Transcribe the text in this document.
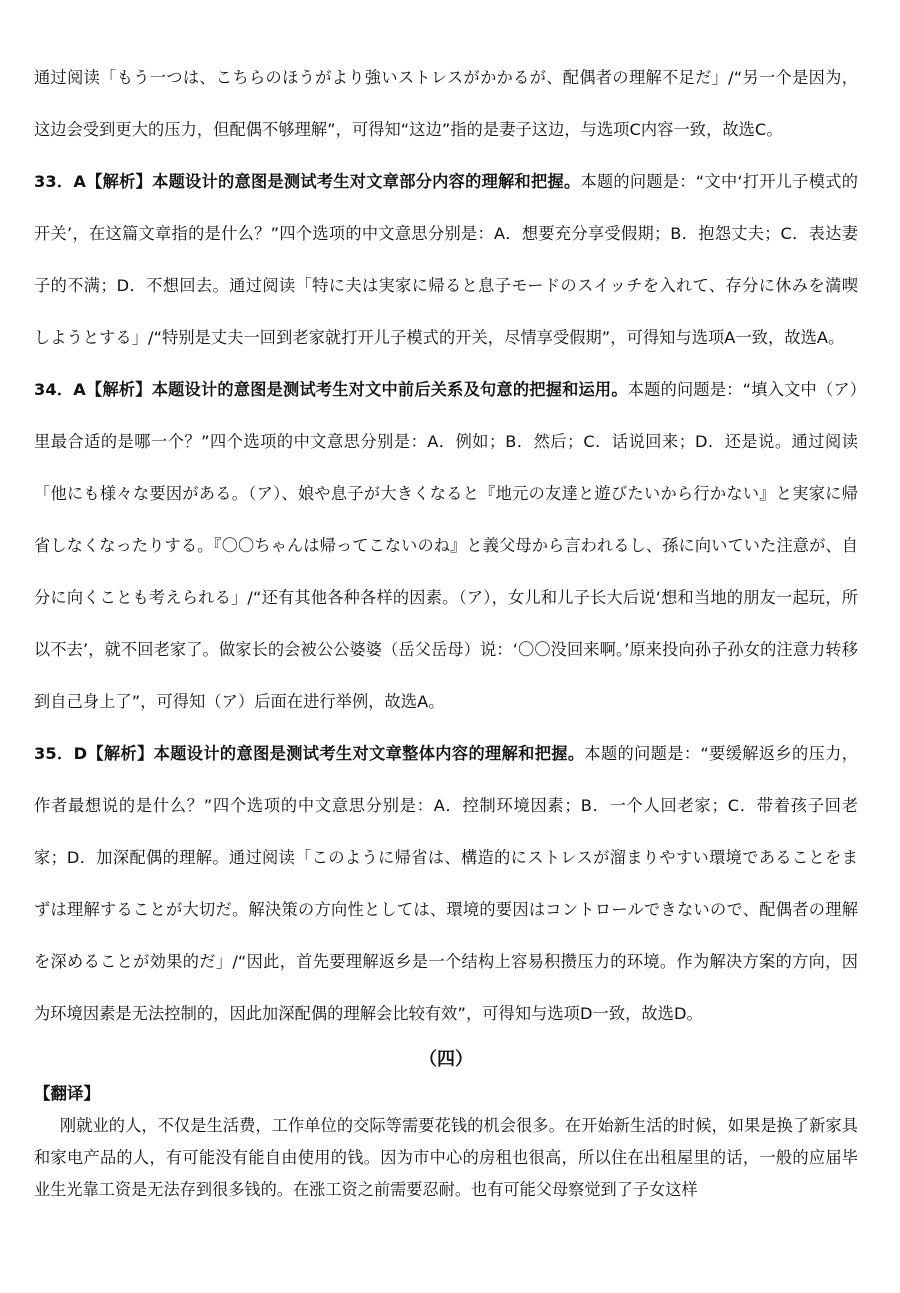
通过阅读「もう一つは、こちらのほうがより強いストレスがかかるが、配偶者の理解不足だ」/“另一个是因为，这边会受到更大的压力，但配偶不够理解”，可得知“这边”指的是妻子这边，与选项C内容一致，故选C。

33．A【解析】本题设计的意图是测试考生对文章部分内容的理解和把握。本题的问题是：“文中‘打开儿子模式的开关’，在这篇文章指的是什么？”四个选项的中文意思分别是：A．想要充分享受假期；B．抱怨丈夫；C．表达妻子的不满；D．不想回去。通过阅读「特に夫は実家に帰ると息子モードのスイッチを入れて、存分に休みを満喫しようとする」/“特别是丈夫一回到老家就打开儿子模式的开关，尽情享受假期”，可得知与选项A一致，故选A。

34．A【解析】本题设计的意图是测试考生对文中前后关系及句意的把握和运用。本题的问题是：“填入文中（ア）里最合适的是哪一个？”四个选项的中文意思分别是：A．例如；B．然后；C．话说回来；D．还是说。通过阅读「他にも様々な要因がある。（ア）、娘や息子が大きくなると『地元の友達と遊びたいから行かない』と実家に帰省しなくなったりする。『〇〇ちゃんは帰ってこないのね』と義父母から言われるし、孫に向いていた注意が、自分に向くことも考えられる」/“还有其他各种各样的因素。（ア），女儿和儿子长大后说‘想和当地的朋友一起玩，所以不去’，就不回老家了。做家长的会被公公婆婆（岳父岳母）说：‘〇〇没回来啊。’原来投向孙子孙女的注意力转移到自己身上了”，可得知（ア）后面在进行举例，故选A。

35．D【解析】本题设计的意图是测试考生对文章整体内容的理解和把握。本题的问题是：“要缓解返乡的压力，作者最想说的是什么？”四个选项的中文意思分别是：A．控制环境因素；B．一个人回老家；C．带着孩子回老家；D．加深配偶的理解。通过阅读「このように帰省は、構造的にストレスが溜まりやすい環境であることをまずは理解することが大切だ。解決策の方向性としては、環境的要因はコントロールできないので、配偶者の理解を深めることが効果的だ」/“因此，首先要理解返乡是一个结构上容易积攒压力的环境。作为解决方案的方向，因为环境因素是无法控制的，因此加深配偶的理解会比较有效”，可得知与选项D一致，故选D。

（四）
【翻译】

刚就业的人，不仅是生活费，工作单位的交际等需要花钱的机会很多。在开始新生活的时候，如果是换了新家具和家电产品的人，有可能没有能自由使用的钱。因为市中心的房租也很高，所以住在出租屋里的话，一般的应届毕业生光靠工资是无法存到很多钱的。在涨工资之前需要忍耐。也有可能父母察觉到了子女这样
